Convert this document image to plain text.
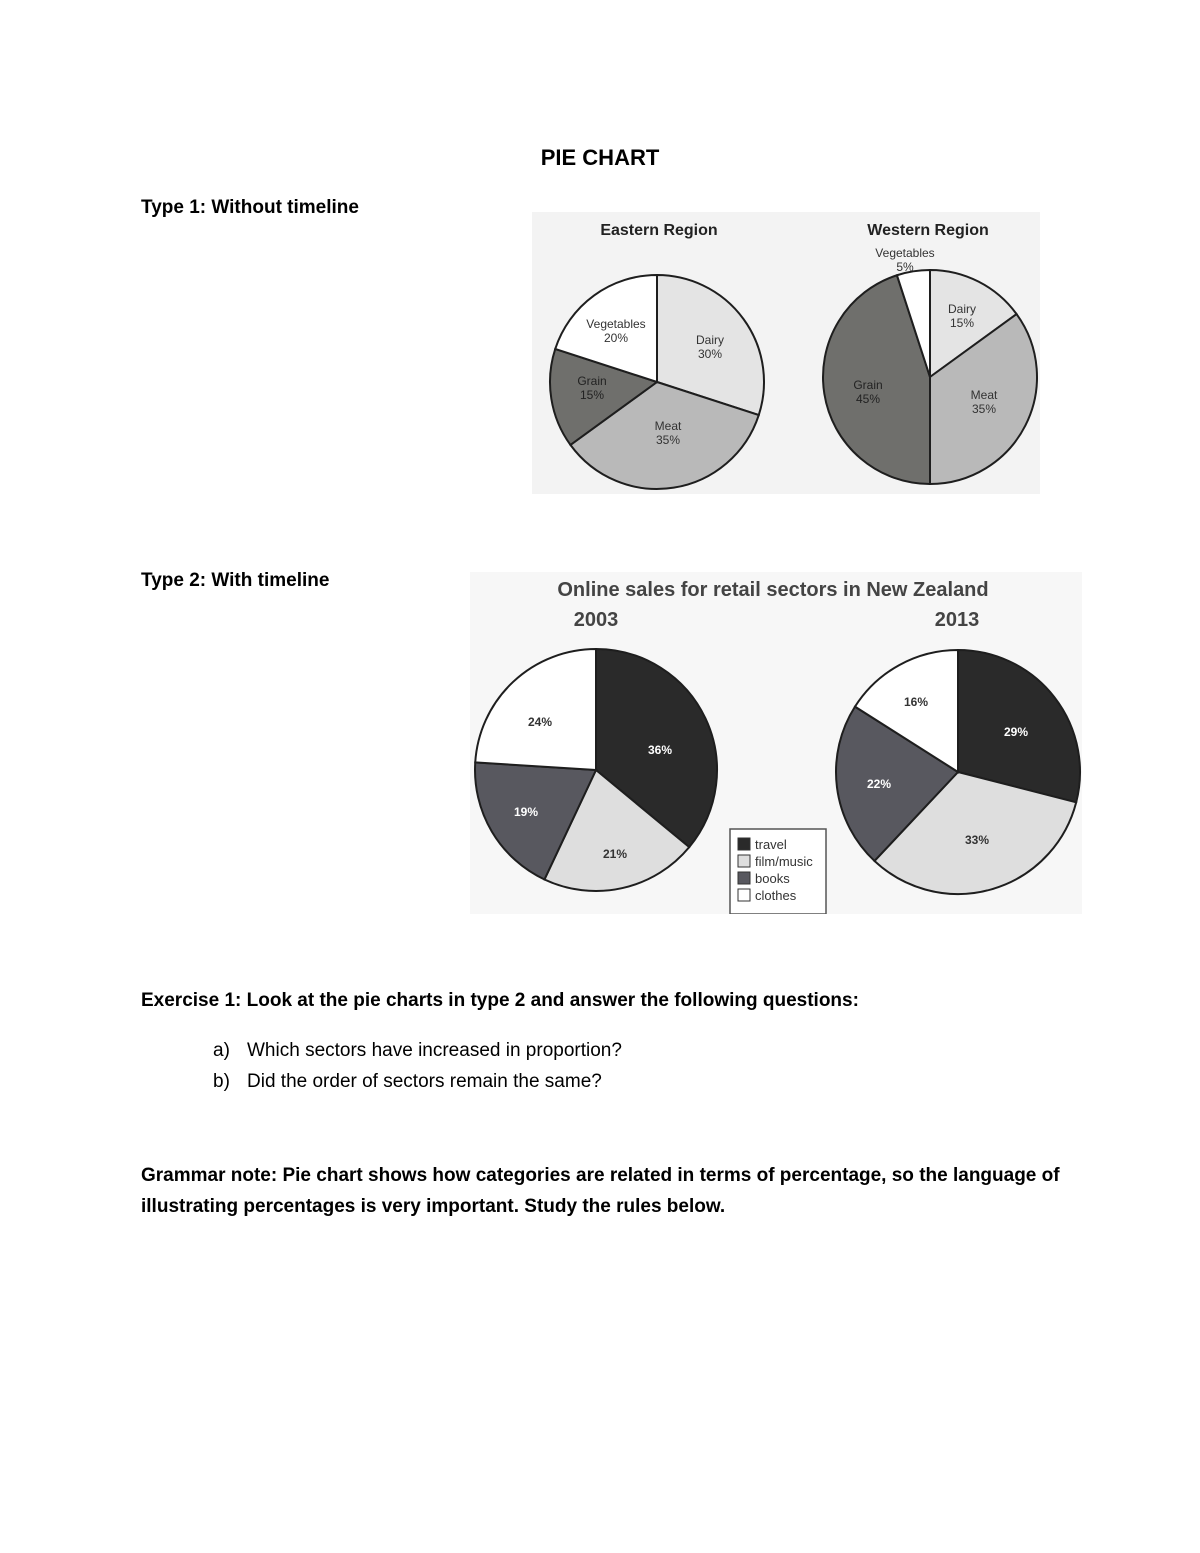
PIE CHART
Type 1: Without timeline
Eastern Region
Dairy
30%
Meat
35%
Grain
15%
Vegetables
20%
Western Region
Dairy
15%
Meat
35%
Grain
45%
Vegetables
5%
Type 2: With timeline	Online sales for retail sectors in New Zealand
2003	2013
36%
21%
19%
24%
29%
33%
22%
16%
travel
film/music
books
clothes
Exercise 1: Look at the pie charts in type 2 and answer the following questions:
a) Which sectors have increased in proportion?
b) Did the order of sectors remain the same?
Grammar note: Pie chart shows how categories are related in terms of percentage, so the language of illustrating percentages is very important. Study the rules below.
